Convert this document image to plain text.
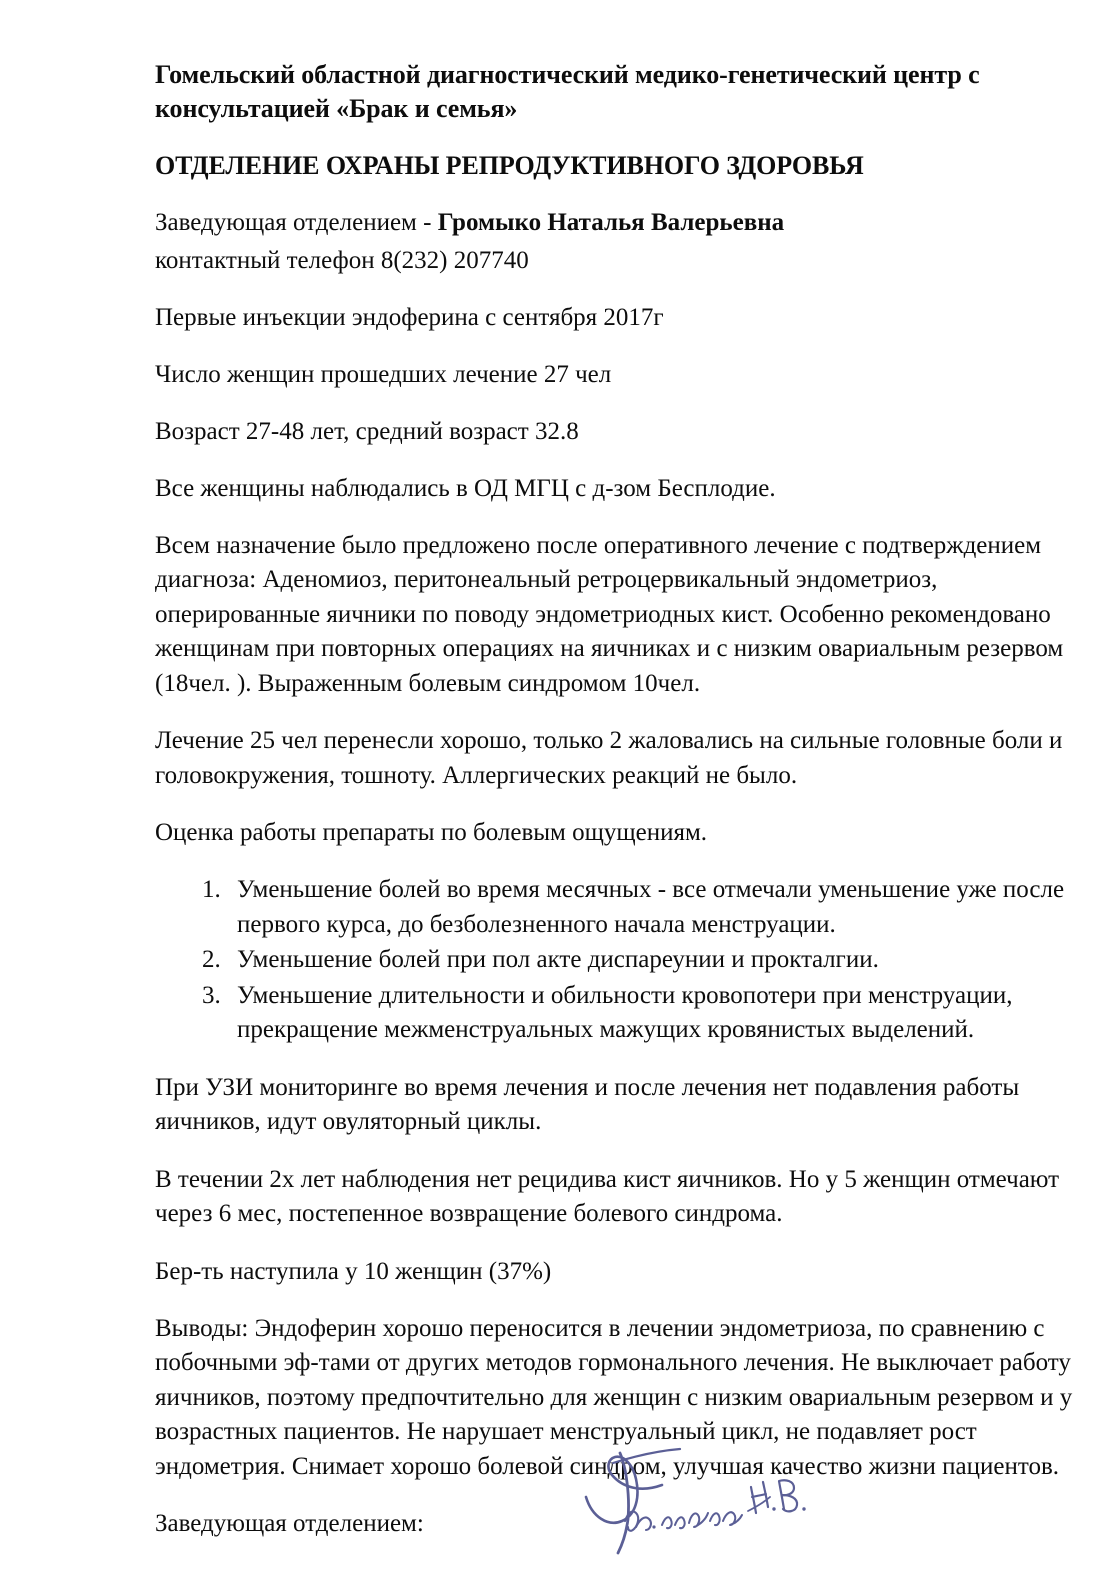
Гомельский областной диагностический медико-генетический центр с консультацией «Брак и семья»
ОТДЕЛЕНИЕ ОХРАНЫ РЕПРОДУКТИВНОГО ЗДОРОВЬЯ

Заведующая отделением - Громыко Наталья Валерьевна

контактный телефон 8(232) 207740

Первые инъекции эндоферина с сентября 2017г

Число женщин прошедших лечение 27 чел

Возраст 27-48 лет, средний возраст 32.8

Все женщины наблюдались в ОД МГЦ с д-зом Бесплодие.

Всем назначение было предложено после оперативного лечение с подтверждением диагноза: Аденомиоз, перитонеальный ретроцервикальный эндометриоз, оперированные яичники по поводу эндометриодных кист. Особенно рекомендовано женщинам при повторных операциях на яичниках и с низким овариальным резервом (18чел. ). Выраженным болевым синдромом 10чел.

Лечение 25 чел перенесли хорошо, только 2 жаловались на сильные головные боли и головокружения, тошноту. Аллергических реакций не было.

Оценка работы препараты по болевым ощущениям.

1. Уменьшение болей во время месячных - все отмечали уменьшение уже после первого курса, до безболезненного начала менструации.
2. Уменьшение болей при пол акте диспареунии и проктaлгии.
3. Уменьшение длительности и обильности кровопотери при менструации, прекращение межменструальных мажущих кровянистых выделений.

При УЗИ мониторинге во время лечения и после лечения нет подавления работы яичников, идут овуляторный циклы.

В течении 2х лет наблюдения нет рецидива кист яичников. Но у 5 женщин отмечают через 6 мес, постепенное возвращение болевого синдрома.

Бер-ть наступила у 10 женщин (37%)

Выводы: Эндоферин хорошо переносится в лечении эндометриоза, по сравнению с побочными эф-тами от других методов гормонального лечения. Не выключает работу яичников, поэтому предпочтительно для женщин с низким овариальным резервом и у возрастных пациентов. Не нарушает менструальный цикл, не подавляет рост эндометрия. Снимает хорошо болевой синдром, улучшая качество жизни пациентов.

Заведующая отделением:
